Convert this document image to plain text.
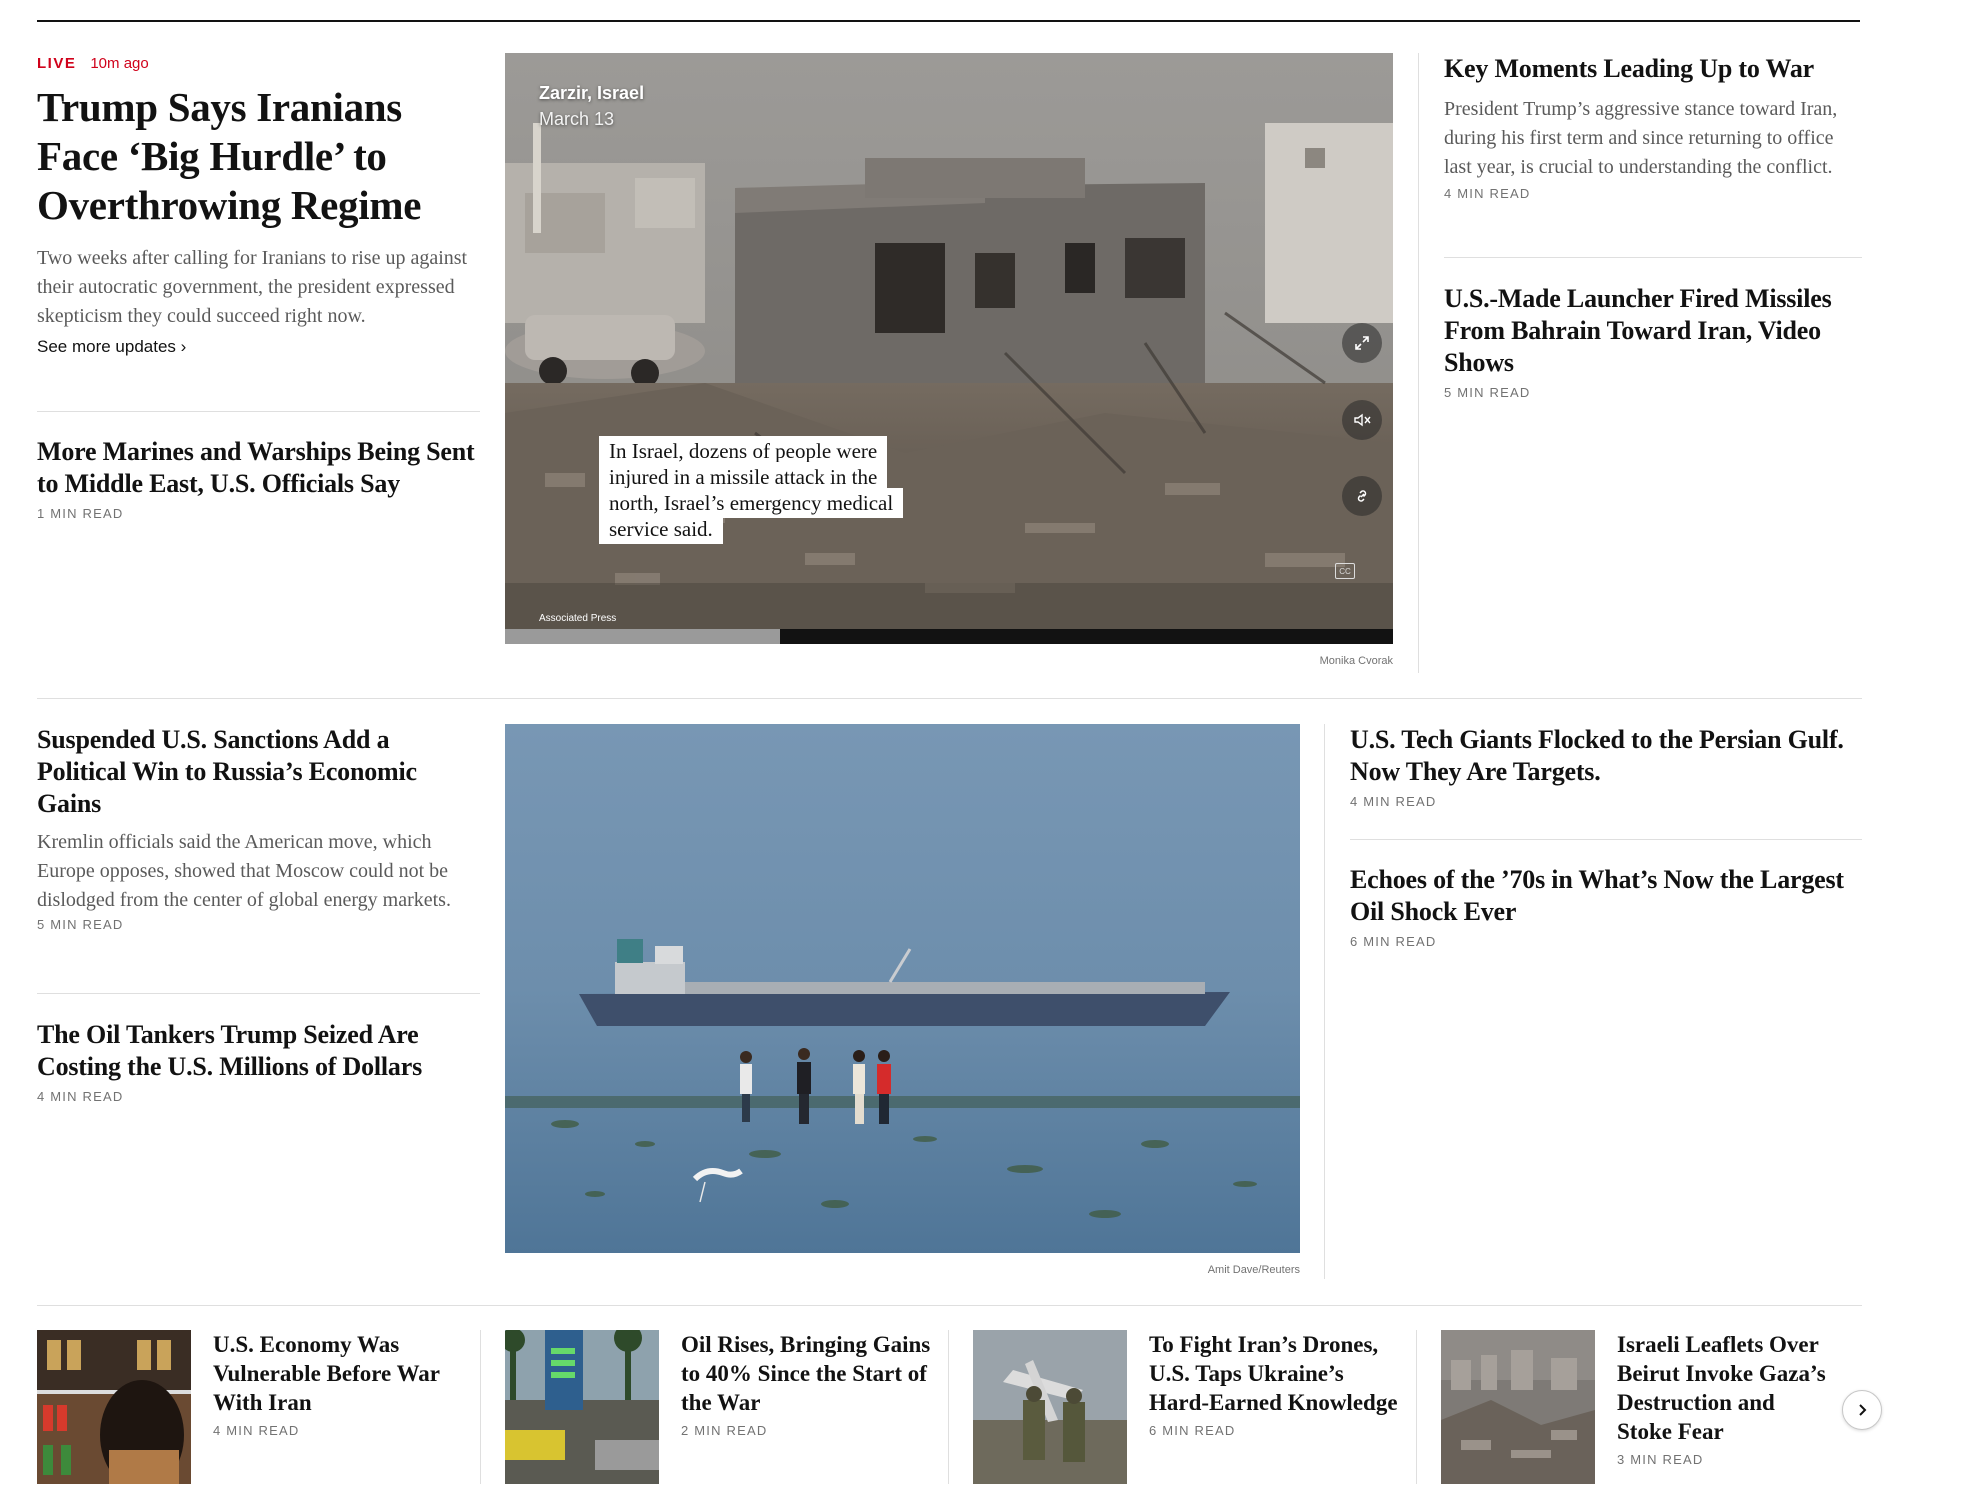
LIVE 10m ago
Trump Says Iranians Face ‘Big Hurdle’ to Overthrowing Regime

Two weeks after calling for Iranians to rise up against their autocratic government, the president expressed skepticism they could succeed right now.

See more updates ›
More Marines and Warships Being Sent to Middle East, U.S. Officials Say
1 MIN READ
Zarzir, Israel
March 13
In Israel, dozens of people were injured in a missile attack in the north, Israel’s emergency medical service said.
CC
Associated Press
Monika Cvorak
Key Moments Leading Up to War

President Trump’s aggressive stance toward Iran, during his first term and since returning to office last year, is crucial to understanding the conflict.

4 MIN READ
U.S.-Made Launcher Fired Missiles From Bahrain Toward Iran, Video Shows
5 MIN READ
Suspended U.S. Sanctions Add a Political Win to Russia’s Economic Gains

Kremlin officials said the American move, which Europe opposes, showed that Moscow could not be dislodged from the center of global energy markets.

5 MIN READ
The Oil Tankers Trump Seized Are Costing the U.S. Millions of Dollars
4 MIN READ
Amit Dave/Reuters
U.S. Tech Giants Flocked to the Persian Gulf. Now They Are Targets.
4 MIN READ
Echoes of the ’70s in What’s Now the Largest Oil Shock Ever
6 MIN READ
U.S. Economy Was Vulnerable Before War With Iran
4 MIN READ
Oil Rises, Bringing Gains to 40% Since the Start of the War
2 MIN READ
To Fight Iran’s Drones, U.S. Taps Ukraine’s Hard-Earned Knowledge
6 MIN READ
Israeli Leaflets Over Beirut Invoke Gaza’s Destruction and Stoke Fear
3 MIN READ
